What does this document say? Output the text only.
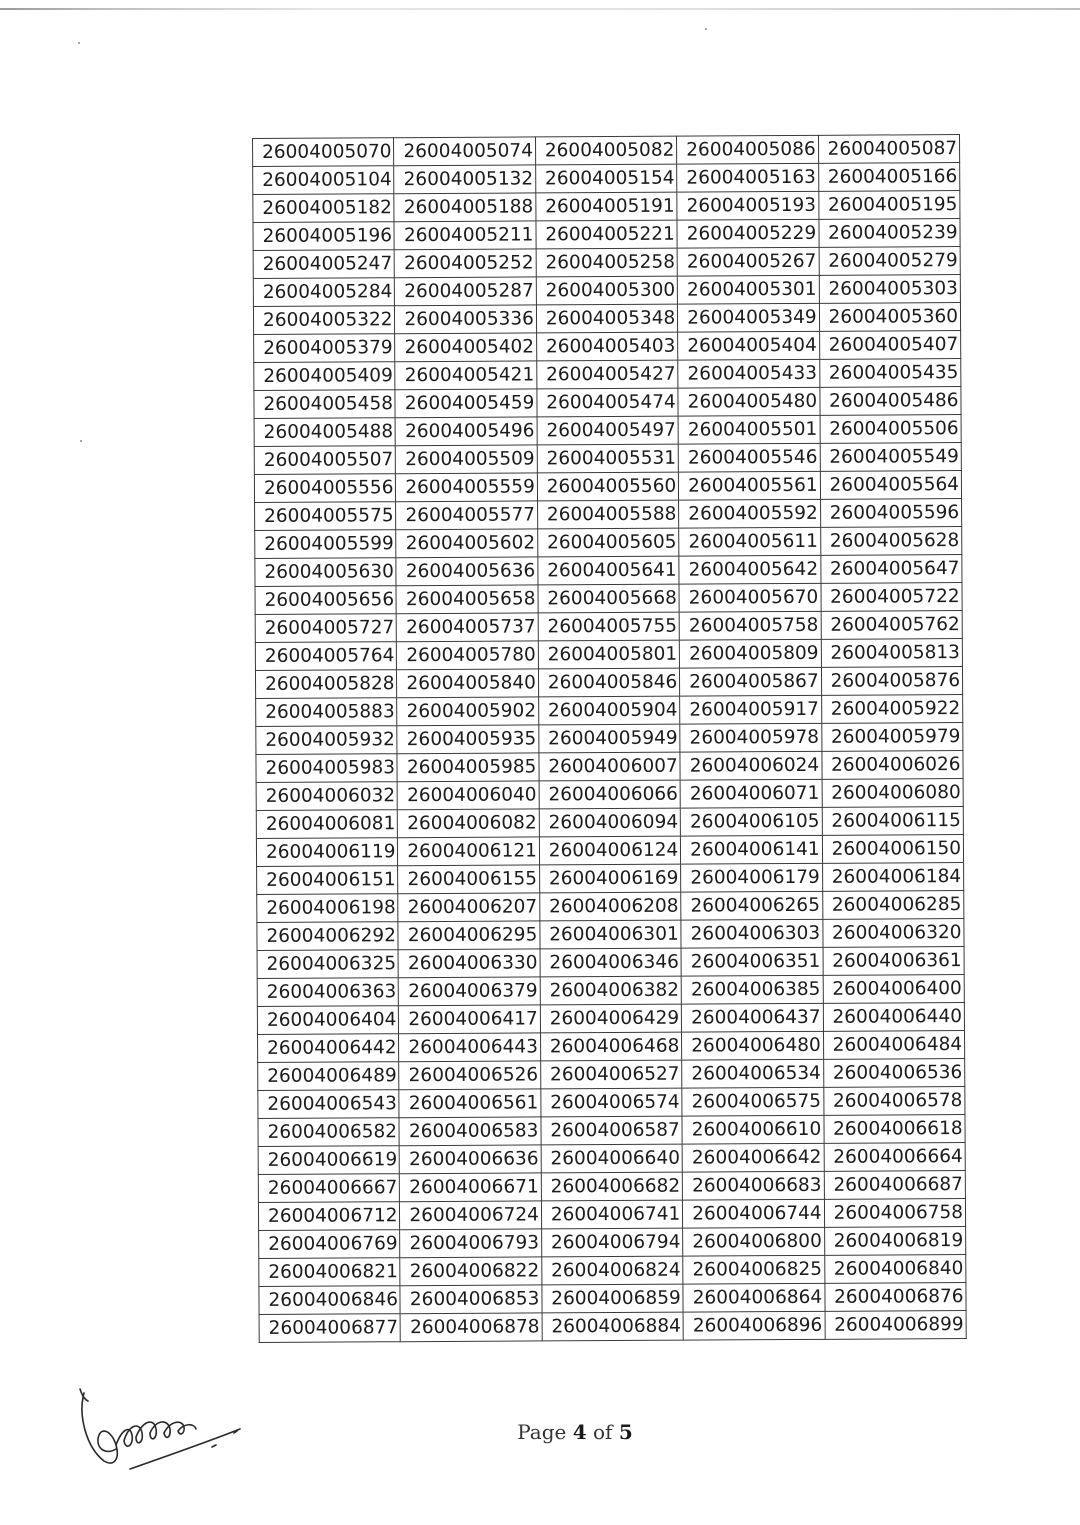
26004005070	26004005074	26004005082	26004005086	26004005087
26004005104	26004005132	26004005154	26004005163	26004005166
26004005182	26004005188	26004005191	26004005193	26004005195
26004005196	26004005211	26004005221	26004005229	26004005239
26004005247	26004005252	26004005258	26004005267	26004005279
26004005284	26004005287	26004005300	26004005301	26004005303
26004005322	26004005336	26004005348	26004005349	26004005360
26004005379	26004005402	26004005403	26004005404	26004005407
26004005409	26004005421	26004005427	26004005433	26004005435
26004005458	26004005459	26004005474	26004005480	26004005486
26004005488	26004005496	26004005497	26004005501	26004005506
26004005507	26004005509	26004005531	26004005546	26004005549
26004005556	26004005559	26004005560	26004005561	26004005564
26004005575	26004005577	26004005588	26004005592	26004005596
26004005599	26004005602	26004005605	26004005611	26004005628
26004005630	26004005636	26004005641	26004005642	26004005647
26004005656	26004005658	26004005668	26004005670	26004005722
26004005727	26004005737	26004005755	26004005758	26004005762
26004005764	26004005780	26004005801	26004005809	26004005813
26004005828	26004005840	26004005846	26004005867	26004005876
26004005883	26004005902	26004005904	26004005917	26004005922
26004005932	26004005935	26004005949	26004005978	26004005979
26004005983	26004005985	26004006007	26004006024	26004006026
26004006032	26004006040	26004006066	26004006071	26004006080
26004006081	26004006082	26004006094	26004006105	26004006115
26004006119	26004006121	26004006124	26004006141	26004006150
26004006151	26004006155	26004006169	26004006179	26004006184
26004006198	26004006207	26004006208	26004006265	26004006285
26004006292	26004006295	26004006301	26004006303	26004006320
26004006325	26004006330	26004006346	26004006351	26004006361
26004006363	26004006379	26004006382	26004006385	26004006400
26004006404	26004006417	26004006429	26004006437	26004006440
26004006442	26004006443	26004006468	26004006480	26004006484
26004006489	26004006526	26004006527	26004006534	26004006536
26004006543	26004006561	26004006574	26004006575	26004006578
26004006582	26004006583	26004006587	26004006610	26004006618
26004006619	26004006636	26004006640	26004006642	26004006664
26004006667	26004006671	26004006682	26004006683	26004006687
26004006712	26004006724	26004006741	26004006744	26004006758
26004006769	26004006793	26004006794	26004006800	26004006819
26004006821	26004006822	26004006824	26004006825	26004006840
26004006846	26004006853	26004006859	26004006864	26004006876
26004006877	26004006878	26004006884	26004006896	26004006899
Page 4 of 5
